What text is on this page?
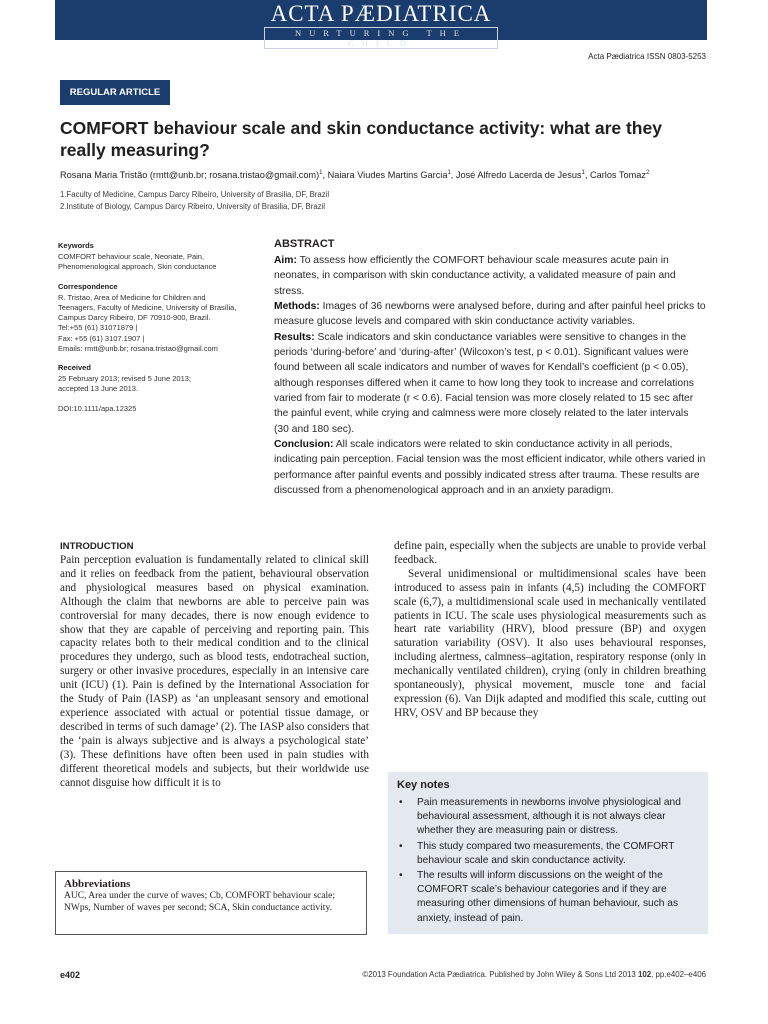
ACTA PÆDIATRICA
NURTURING THE CHILD
Acta Pædiatrica ISSN 0803-5253
REGULAR ARTICLE
COMFORT behaviour scale and skin conductance activity: what are they
really measuring?
Rosana Maria Tristão (rmtt@unb.br; rosana.tristao@gmail.com)$^1$, Naiara Viudes Martins Garcia$^1$, José Alfredo Lacerda de Jesus$^1$, Carlos Tomaz$^2$
1.Faculty of Medicine, Campus Darcy Ribeiro, University of Brasilia, DF, Brazil
2.Institute of Biology, Campus Darcy Ribeiro, University of Brasilia, DF, Brazil
Keywords
COMFORT behaviour scale, Neonate, Pain,
Phenomenological approach, Skin conductance
Correspondence
R. Tristao, Area of Medicine for Children and
Teenagers, Faculty of Medicine, University of Brasília,
Campus Darcy Ribeiro, DF 70910-900, Brazil.
Tel:+55 (61) 31071879 |
Fax: +55 (61) 3107.1907 |
Emails: rmtt@unb.br; rosana.tristao@gmail.com
Received
25 February 2013; revised 5 June 2013;
accepted 13 June 2013.
DOI:10.1111/apa.12325
ABSTRACT

Aim: To assess how efficiently the COMFORT behaviour scale measures acute pain in neonates, in comparison with skin conductance activity, a validated measure of pain and stress.

Methods: Images of 36 newborns were analysed before, during and after painful heel pricks to measure glucose levels and compared with skin conductance activity variables.

Results: Scale indicators and skin conductance variables were sensitive to changes in the periods ‘during-before’ and ‘during-after’ (Wilcoxon’s test, p < 0.01). Significant values were found between all scale indicators and number of waves for Kendall’s coefficient (p < 0.05), although responses differed when it came to how long they took to increase and correlations varied from fair to moderate (r < 0.6). Facial tension was more closely related to 15 sec after the painful event, while crying and calmness were more closely related to the later intervals (30 and 180 sec).

Conclusion: All scale indicators were related to skin conductance activity in all periods, indicating pain perception. Facial tension was the most efficient indicator, while others varied in performance after painful events and possibly indicated stress after trauma. These results are discussed from a phenomenological approach and in an anxiety paradigm.

INTRODUCTION
Pain perception evaluation is fundamentally related to clinical skill and it relies on feedback from the patient, behavioural observation and physiological measures based on physical examination. Although the claim that newborns are able to perceive pain was controversial for many decades, there is now enough evidence to show that they are capable of perceiving and reporting pain. This capacity relates both to their medical condition and to the clinical procedures they undergo, such as blood tests, endotracheal suction, surgery or other invasive procedures, especially in an intensive care unit (ICU) (1). Pain is defined by the International Association for the Study of Pain (IASP) as ‘an unpleasant sensory and emotional experience associated with actual or potential tissue damage, or described in terms of such damage’ (2). The IASP also considers that the ‘pain is always subjective and is always a psychological state’ (3). These definitions have often been used in pain studies with different theoretical models and subjects, but their worldwide use cannot disguise how difficult it is to

define pain, especially when the subjects are unable to provide verbal feedback.

Several unidimensional or multidimensional scales have been introduced to assess pain in infants (4,5) including the COMFORT scale (6,7), a multidimensional scale used in mechanically ventilated patients in ICU. The scale uses physiological measurements such as heart rate variability (HRV), blood pressure (BP) and oxygen saturation variability (OSV). It also uses behavioural responses, including alertness, calmness–agitation, respiratory response (only in mechanically ventilated children), crying (only in children breathing spontaneously), physical movement, muscle tone and facial expression (6). Van Dijk adapted and modified this scale, cutting out HRV, OSV and BP because they

Abbreviations
AUC, Area under the curve of waves; Cb, COMFORT behaviour scale; NWps, Number of waves per second; SCA, Skin conductance activity.
Key notes
• Pain measurements in newborns involve physiological and behavioural assessment, although it is not always clear whether they are measuring pain or distress.
• This study compared two measurements, the COMFORT behaviour scale and skin conductance activity.
• The results will inform discussions on the weight of the COMFORT scale’s behaviour categories and if they are measuring other dimensions of human behaviour, such as anxiety, instead of pain.
e402	©2013 Foundation Acta Pædiatrica. Published by John Wiley & Sons Ltd 2013 102, pp.e402–e406
